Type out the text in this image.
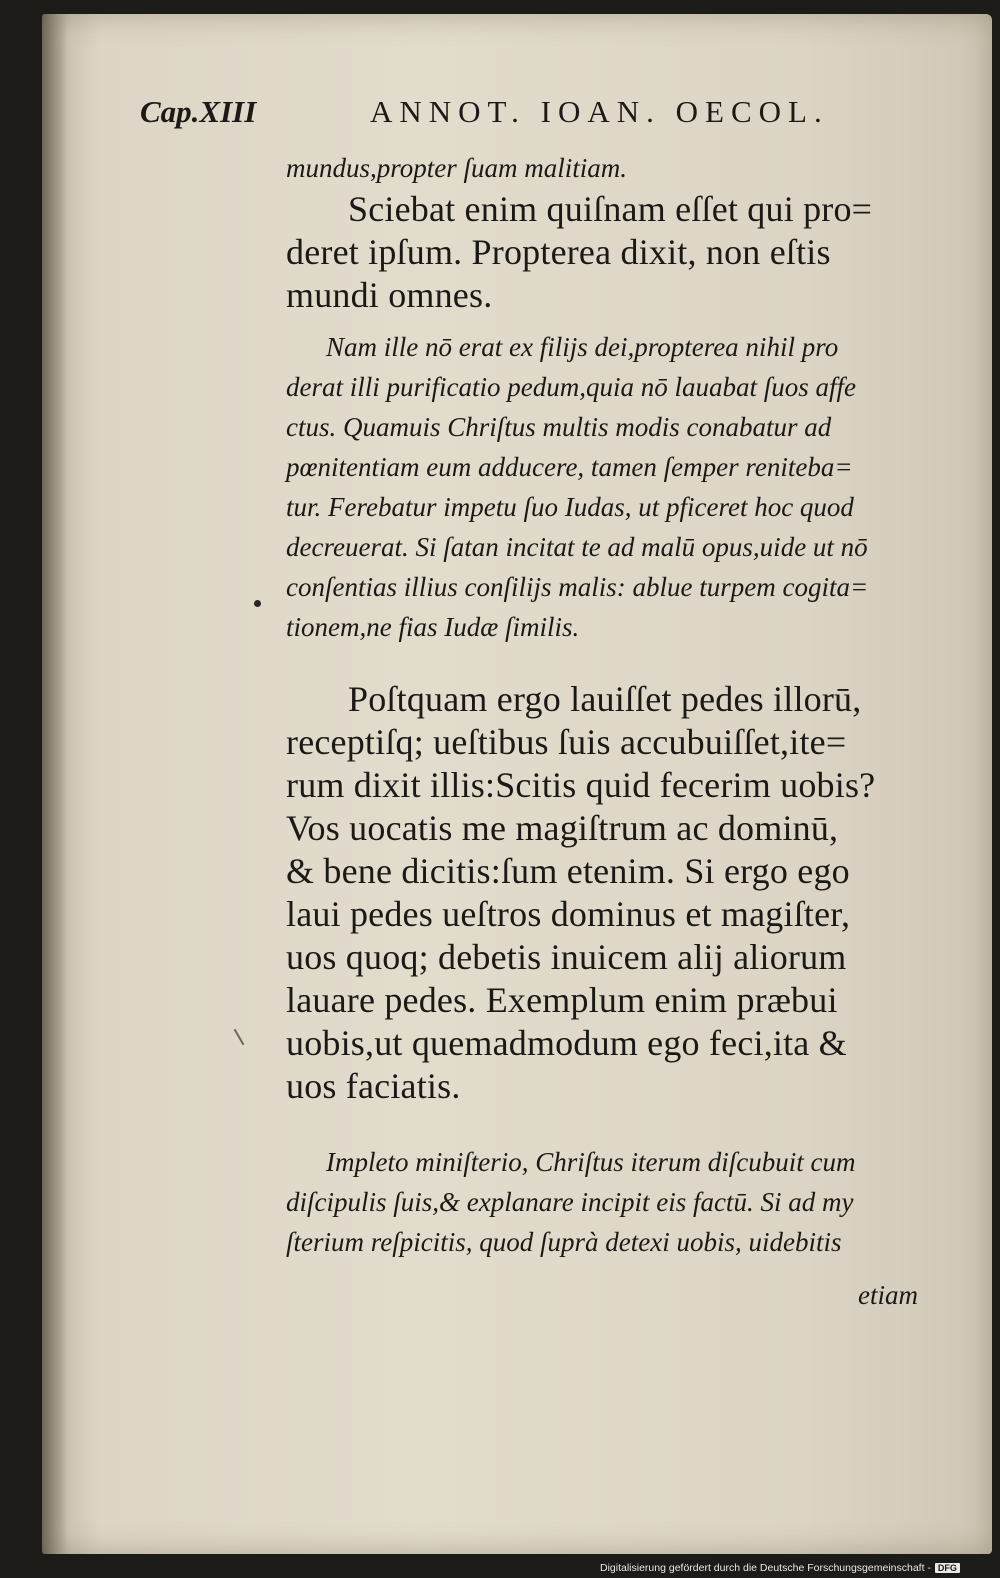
Cap.XIII	ANNOT. IOAN. OECOL.
mundus,propter ſuam malitiam.
Sciebat enim quiſnam eſſet qui pro=
deret ipſum. Propterea dixit, non eſtis
mundi omnes.
Nam ille nō erat ex filijs dei,propterea nihil pro
derat illi purificatio pedum,quia nō lauabat ſuos affe
ctus. Quamuis Chriſtus multis modis conabatur ad
pœnitentiam eum adducere, tamen ſemper reniteba=
tur. Ferebatur impetu ſuo Iudas, ut pficeret hoc quod
decreuerat. Si ſatan incitat te ad malū opus,uide ut nō
conſentias illius conſilijs malis: ablue turpem cogita=
tionem,ne fias Iudæ ſimilis.
Poſtquam ergo lauiſſet pedes illorū,
receptiſq; ueſtibus ſuis accubuiſſet,ite=
rum dixit illis:Scitis quid fecerim uobis?
Vos uocatis me magiſtrum ac dominū,
& bene dicitis:ſum etenim. Si ergo ego
laui pedes ueſtros dominus et magiſter,
uos quoq; debetis inuicem alij aliorum
lauare pedes. Exemplum enim præbui
uobis,ut quemadmodum ego feci,ita &
uos faciatis.
Impleto miniſterio, Chriſtus iterum diſcubuit cum
diſcipulis ſuis,& explanare incipit eis factū. Si ad my
ſterium reſpicitis, quod ſuprà detexi uobis, uidebitis
etiam
Digitalisierung gefördert durch die Deutsche Forschungsgemeinschaft - DFG
